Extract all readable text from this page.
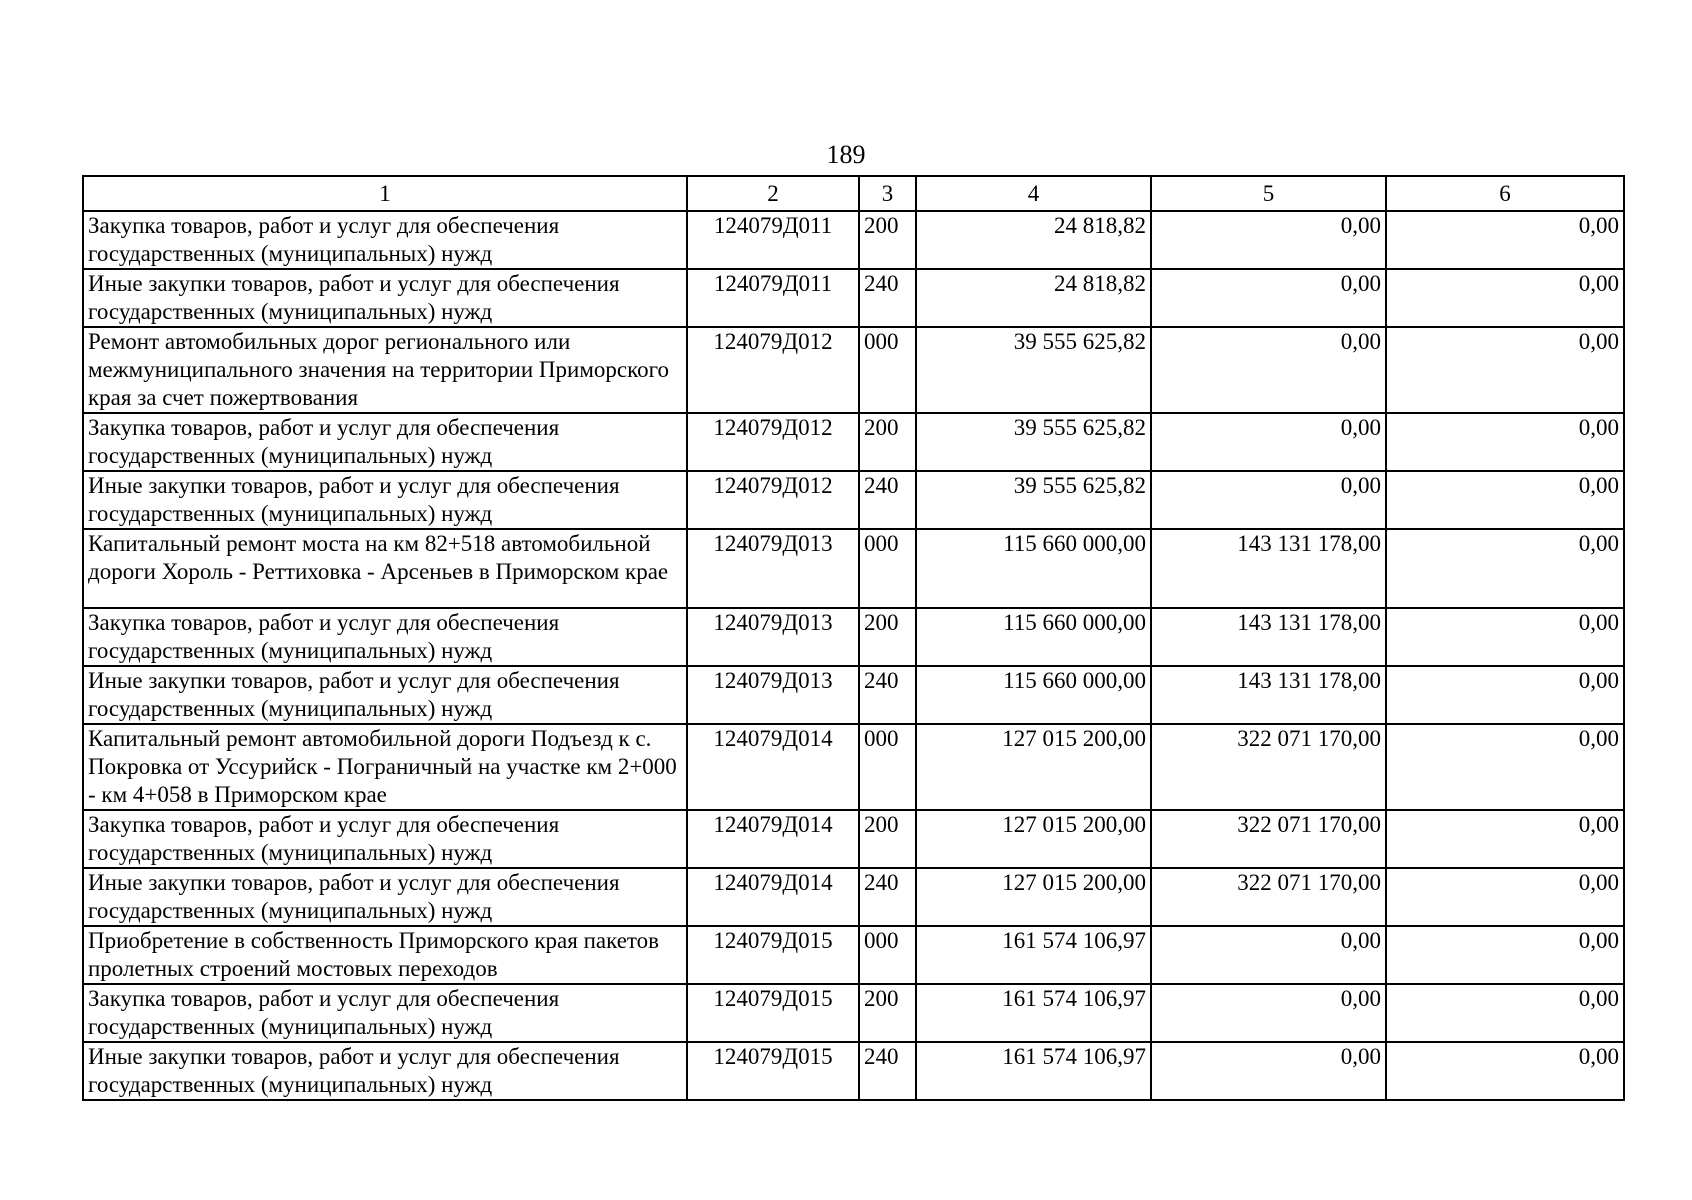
189
1	2	3	4	5	6
Закупка товаров, работ и услуг для обеспечения государственных (муниципальных) нужд	124079Д011	200	24 818,82	0,00	0,00
Иные закупки товаров, работ и услуг для обеспечения государственных (муниципальных) нужд	124079Д011	240	24 818,82	0,00	0,00
Ремонт автомобильных дорог регионального или межмуниципального значения на территории Приморского края за счет пожертвования	124079Д012	000	39 555 625,82	0,00	0,00
Закупка товаров, работ и услуг для обеспечения государственных (муниципальных) нужд	124079Д012	200	39 555 625,82	0,00	0,00
Иные закупки товаров, работ и услуг для обеспечения государственных (муниципальных) нужд	124079Д012	240	39 555 625,82	0,00	0,00
Капитальный ремонт моста на км 82+518 автомобильной дороги Хороль - Реттиховка - Арсеньев в Приморском крае	124079Д013	000	115 660 000,00	143 131 178,00	0,00
Закупка товаров, работ и услуг для обеспечения государственных (муниципальных) нужд	124079Д013	200	115 660 000,00	143 131 178,00	0,00
Иные закупки товаров, работ и услуг для обеспечения государственных (муниципальных) нужд	124079Д013	240	115 660 000,00	143 131 178,00	0,00
Капитальный ремонт автомобильной дороги Подъезд к с. Покровка от Уссурийск - Пограничный на участке км 2+000 - км 4+058 в Приморском крае	124079Д014	000	127 015 200,00	322 071 170,00	0,00
Закупка товаров, работ и услуг для обеспечения государственных (муниципальных) нужд	124079Д014	200	127 015 200,00	322 071 170,00	0,00
Иные закупки товаров, работ и услуг для обеспечения государственных (муниципальных) нужд	124079Д014	240	127 015 200,00	322 071 170,00	0,00
Приобретение в собственность Приморского края пакетов пролетных строений мостовых переходов	124079Д015	000	161 574 106,97	0,00	0,00
Закупка товаров, работ и услуг для обеспечения государственных (муниципальных) нужд	124079Д015	200	161 574 106,97	0,00	0,00
Иные закупки товаров, работ и услуг для обеспечения государственных (муниципальных) нужд	124079Д015	240	161 574 106,97	0,00	0,00
